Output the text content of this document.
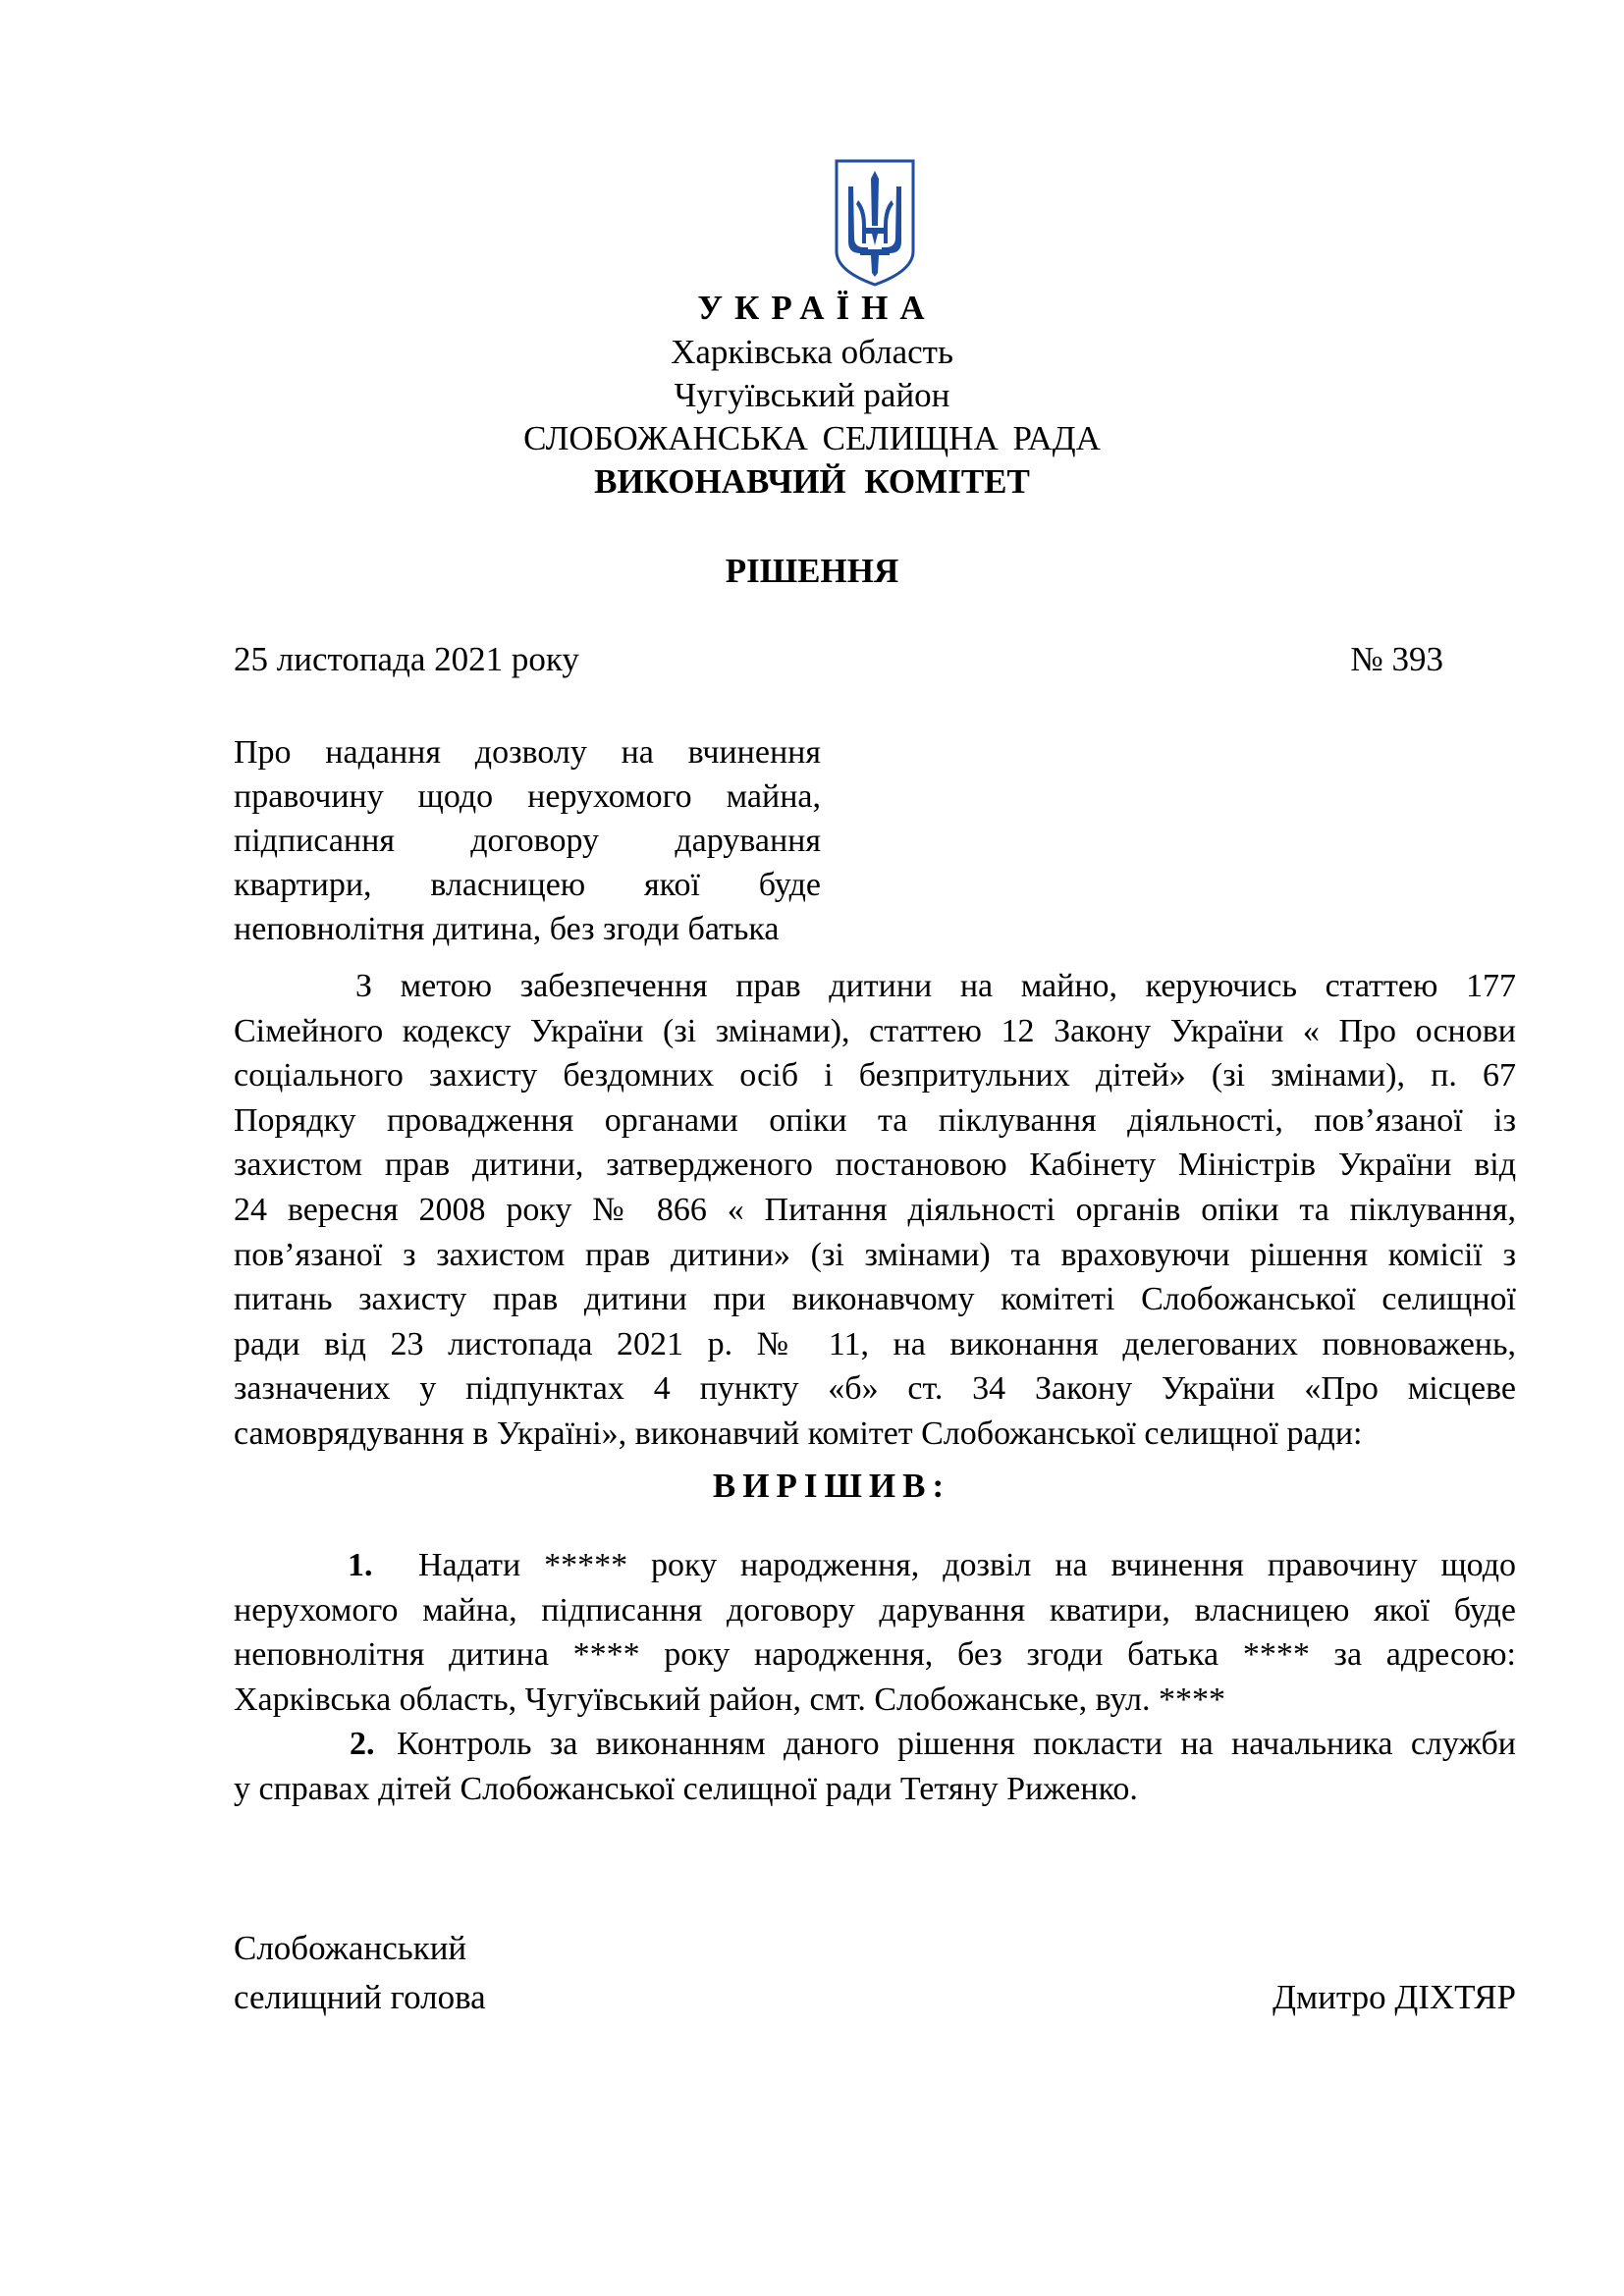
УКРАЇНА
Харківська область
Чугуївський район
СЛОБОЖАНСЬКА СЕЛИЩНА РАДА
ВИКОНАВЧИЙ КОМІТЕТ
РІШЕННЯ
25 листопада 2021 року	№ 393
Про надання дозволу на вчинення
правочину щодо нерухомого майна,
підписання договору дарування
квартири, власницею якої буде
неповнолітня дитина, без згоди батька
З метою забезпечення прав дитини на майно, керуючись статтею 177
Сімейного кодексу України (зі змінами), статтею 12 Закону України « Про основи
соціального захисту бездомних осіб і безпритульних дітей» (зі змінами), п. 67
Порядку провадження органами опіки та піклування діяльності, пов’язаної із
захистом прав дитини, затвердженого постановою Кабінету Міністрів України від
24 вересня 2008 року № 866 « Питання діяльності органів опіки та піклування,
пов’язаної з захистом прав дитини» (зі змінами) та враховуючи рішення комісії з
питань захисту прав дитини при виконавчому комітеті Слобожанської селищної
ради від 23 листопада 2021 р. № 11, на виконання делегованих повноважень,
зазначених у підпунктах 4 пункту «б» ст. 34 Закону України «Про місцеве
самоврядування в Україні», виконавчий комітет Слобожанської селищної ради:
ВИРІШИВ:
1. Надати ***** року народження, дозвіл на вчинення правочину щодо
нерухомого майна, підписання договору дарування кватири, власницею якої буде
неповнолітня дитина **** року народження, без згоди батька **** за адресою:
Харківська область, Чугуївський район, смт. Слобожанське, вул. ****
2. Контроль за виконанням даного рішення покласти на начальника служби
у справах дітей Слобожанської селищної ради Тетяну Риженко.
Слобожанський
селищний голова	Дмитро ДІХТЯР
